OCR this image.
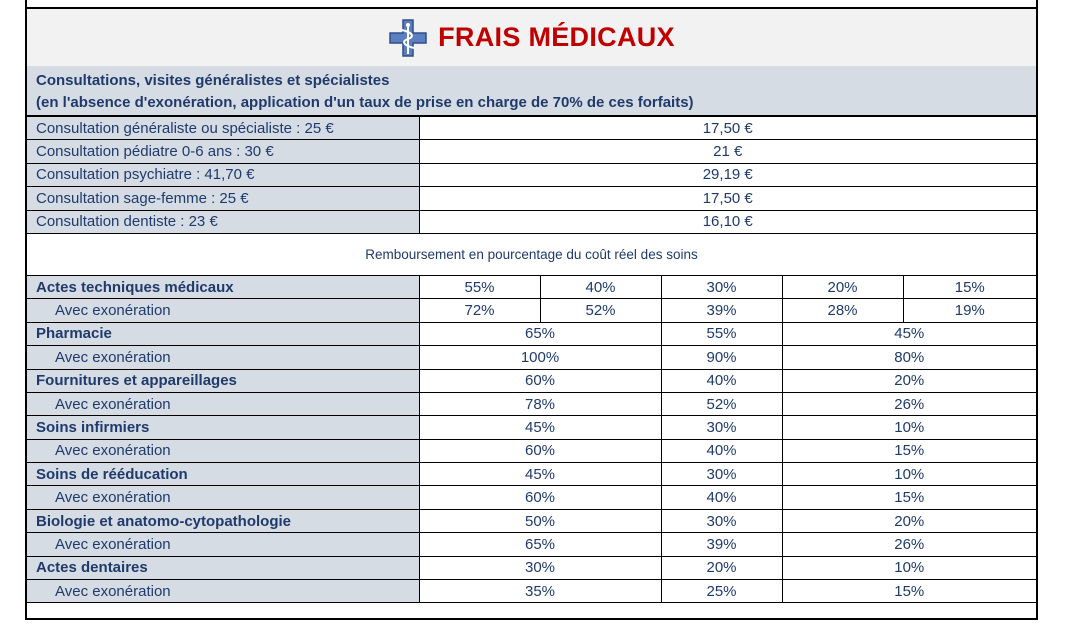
FRAIS MÉDICAUX
Consultations, visites généralistes et spécialistes
(en l'absence d'exonération, application d'un taux de prise en charge de 70% de ces forfaits)
Consultation généraliste ou spécialiste : 25 €	17,50 €				
Consultation pédiatre 0-6 ans : 30 €	21 €				
Consultation psychiatre : 41,70 €	29,19 €				
Consultation sage-femme : 25 €	17,50 €				
Consultation dentiste : 23 €	16,10 €				
Remboursement en pourcentage du coût réel des soins					
Actes techniques médicaux	55%	40%	30%	20%	15%
Avec exonération	72%	52%	39%	28%	19%
Pharmacie	65%		55%	45%	
Avec exonération	100%		90%	80%	
Fournitures et appareillages	60%		40%	20%	
Avec exonération	78%		52%	26%	
Soins infirmiers	45%		30%	10%	
Avec exonération	60%		40%	15%	
Soins de rééducation	45%		30%	10%	
Avec exonération	60%		40%	15%	
Biologie et anatomo-cytopathologie	50%		30%	20%	
Avec exonération	65%		39%	26%	
Actes dentaires	30%		20%	10%	
Avec exonération	35%		25%	15%	
